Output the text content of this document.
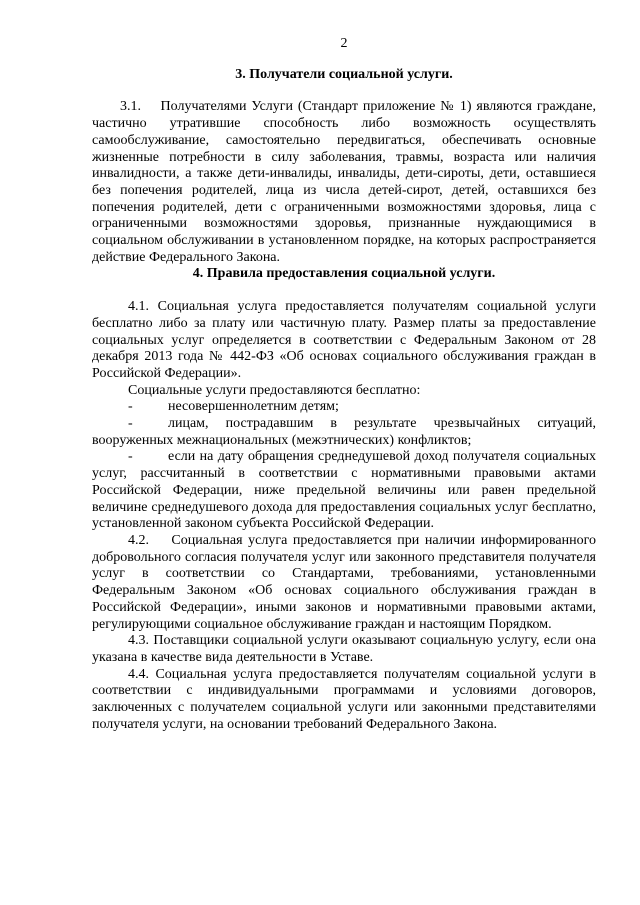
2
3. Получатели социальной услуги.

3.1.    Получателями Услуги (Стандарт приложение № 1) являются граждане, частично утратившие способность либо возможность осуществлять самообслуживание, самостоятельно передвигаться, обеспечивать основные жизненные потребности в силу заболевания, травмы, возраста или наличия инвалидности, а также дети-инвалиды, инвалиды, дети-сироты, дети, оставшиеся без попечения родителей, лица из числа детей-сирот, детей, оставшихся без попечения родителей, дети с ограниченными возможностями здоровья, лица с ограниченными возможностями здоровья, признанные нуждающимися в социальном обслуживании в установленном порядке, на которых распространяется действие Федерального Закона.

4. Правила предоставления социальной услуги.

4.1. Социальная услуга предоставляется получателям социальной услуги бесплатно либо за плату или частичную плату. Размер платы за предоставление социальных услуг определяется в соответствии с Федеральным Законом от 28 декабря 2013 года № 442-ФЗ «Об основах социального обслуживания граждан в Российской Федерации».

Социальные услуги предоставляются бесплатно:

-	несовершеннолетним детям;

-	лицам, пострадавшим в результате чрезвычайных ситуаций, вооруженных межнациональных (межэтнических) конфликтов;

-	если на дату обращения среднедушевой доход получателя социальных услуг, рассчитанный в соответствии с нормативными правовыми актами Российской Федерации, ниже предельной величины или равен предельной величине среднедушевого дохода для предоставления социальных услуг бесплатно, установленной законом субъекта Российской Федерации.

4.2.    Социальная услуга предоставляется при наличии информированного добровольного согласия получателя услуг или законного представителя получателя услуг в соответствии со Стандартами, требованиями, установленными Федеральным Законом «Об основах социального обслуживания граждан в Российской Федерации», иными законов и нормативными правовыми актами, регулирующими социальное обслуживание граждан и настоящим Порядком.

4.3. Поставщики социальной услуги оказывают социальную услугу, если она указана в качестве вида деятельности в Уставе.

4.4. Социальная услуга предоставляется получателям социальной услуги в соответствии с индивидуальными программами и условиями договоров, заключенных с получателем социальной услуги или законными представителями получателя услуги, на основании требований Федерального Закона.
